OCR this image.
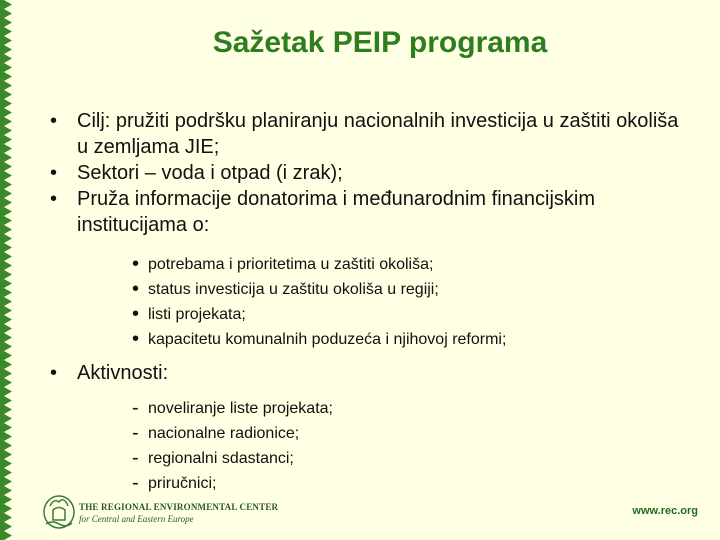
Sažetak PEIP programa
• Cilj: pružiti podršku planiranju nacionalnih investicija u zaštiti okoliša u zemljama JIE;
• Sektori – voda i otpad (i zrak);
• Pruža informacije donatorima i međunarodnim financijskim institucijama o:
• potrebama i prioritetima u zaštiti okoliša;
• status investicija u zaštitu okoliša u regiji;
• listi projekata;
• kapacitetu komunalnih poduzeća i njihovoj reformi;
• Aktivnosti:
- noveliranje liste projekata;
- nacionalne radionice;
- regionalni sdastanci;
- priručnici;
THE REGIONAL ENVIRONMENTAL CENTER
for Central and Eastern Europe
www.rec.org
